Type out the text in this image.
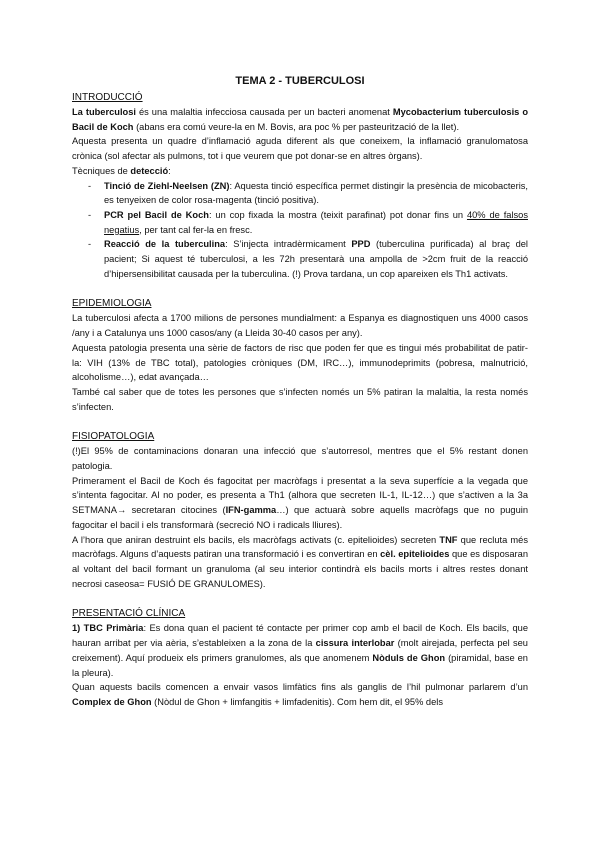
TEMA 2 - TUBERCULOSI
INTRODUCCIÓ

La tuberculosi és una malaltia infecciosa causada per un bacteri anomenat Mycobacterium tuberculosis o Bacil de Koch (abans era comú veure-la en M. Bovis, ara poc % per pasteurització de la llet).

Aquesta presenta un quadre d’inflamació aguda diferent als que coneixem, la inflamació granulomatosa crònica (sol afectar als pulmons, tot i que veurem que pot donar-se en altres òrgans).

Tècniques de detecció:

- Tinció de Ziehl-Neelsen (ZN): Aquesta tinció específica permet distingir la presència de micobacteris, es tenyeixen de color rosa-magenta (tinció positiva).
- PCR pel Bacil de Koch: un cop fixada la mostra (teixit parafinat) pot donar fins un 40% de falsos negatius, per tant cal fer-la en fresc.
- Reacció de la tuberculina: S’injecta intradèrmicament PPD (tuberculina purificada) al braç del pacient; Si aquest té tuberculosi, a les 72h presentarà una ampolla de >2cm fruit de la reacció d’hipersensibilitat causada per la tuberculina. (!) Prova tardana, un cop apareixen els Th1 activats.
EPIDEMIOLOGIA

La tuberculosi afecta a 1700 milions de persones mundialment: a Espanya es diagnostiquen uns 4000 casos /any i a Catalunya uns 1000 casos/any (a Lleida 30-40 casos per any).

Aquesta patologia presenta una sèrie de factors de risc que poden fer que es tingui més probabilitat de patir-la: VIH (13% de TBC total), patologies cròniques (DM, IRC…), immunodeprimits (pobresa, malnutrició, alcoholisme…), edat avançada…

També cal saber que de totes les persones que s’infecten només un 5% patiran la malaltia, la resta només s’infecten.

FISIOPATOLOGIA

(!)El 95% de contaminacions donaran una infecció que s’autorresol, mentres que el 5% restant donen patologia.

Primerament el Bacil de Koch és fagocitat per macròfags i presentat a la seva superfície a la vegada que s’intenta fagocitar. Al no poder, es presenta a Th1 (alhora que secreten IL-1, IL-12…) que s’activen a la 3a SETMANA→ secretaran citocines (IFN-gamma…) que actuarà sobre aquells macròfags que no puguin fagocitar el bacil i els transformarà (secreció NO i radicals lliures).

A l’hora que aniran destruint els bacils, els macròfags activats (c. epitelioides) secreten TNF que recluta més macròfags. Alguns d’aquests patiran una transformació i es convertiran en cèl. epitelioides que es disposaran al voltant del bacil formant un granuloma (al seu interior contindrà els bacils morts i altres restes donant necrosi caseosa= FUSIÓ DE GRANULOMES).

PRESENTACIÓ CLÍNICA

1) TBC Primària: Es dona quan el pacient té contacte per primer cop amb el bacil de Koch. Els bacils, que hauran arribat per via aèria, s’estableixen a la zona de la cissura interlobar (molt airejada, perfecta pel seu creixement). Aquí produeix els primers granulomes, als que anomenem Nòduls de Ghon (piramidal, base en la pleura).

Quan aquests bacils comencen a envair vasos limfàtics fins als ganglis de l’hil pulmonar parlarem d’un Complex de Ghon (Nòdul de Ghon + limfangitis + limfadenitis). Com hem dit, el 95% dels
